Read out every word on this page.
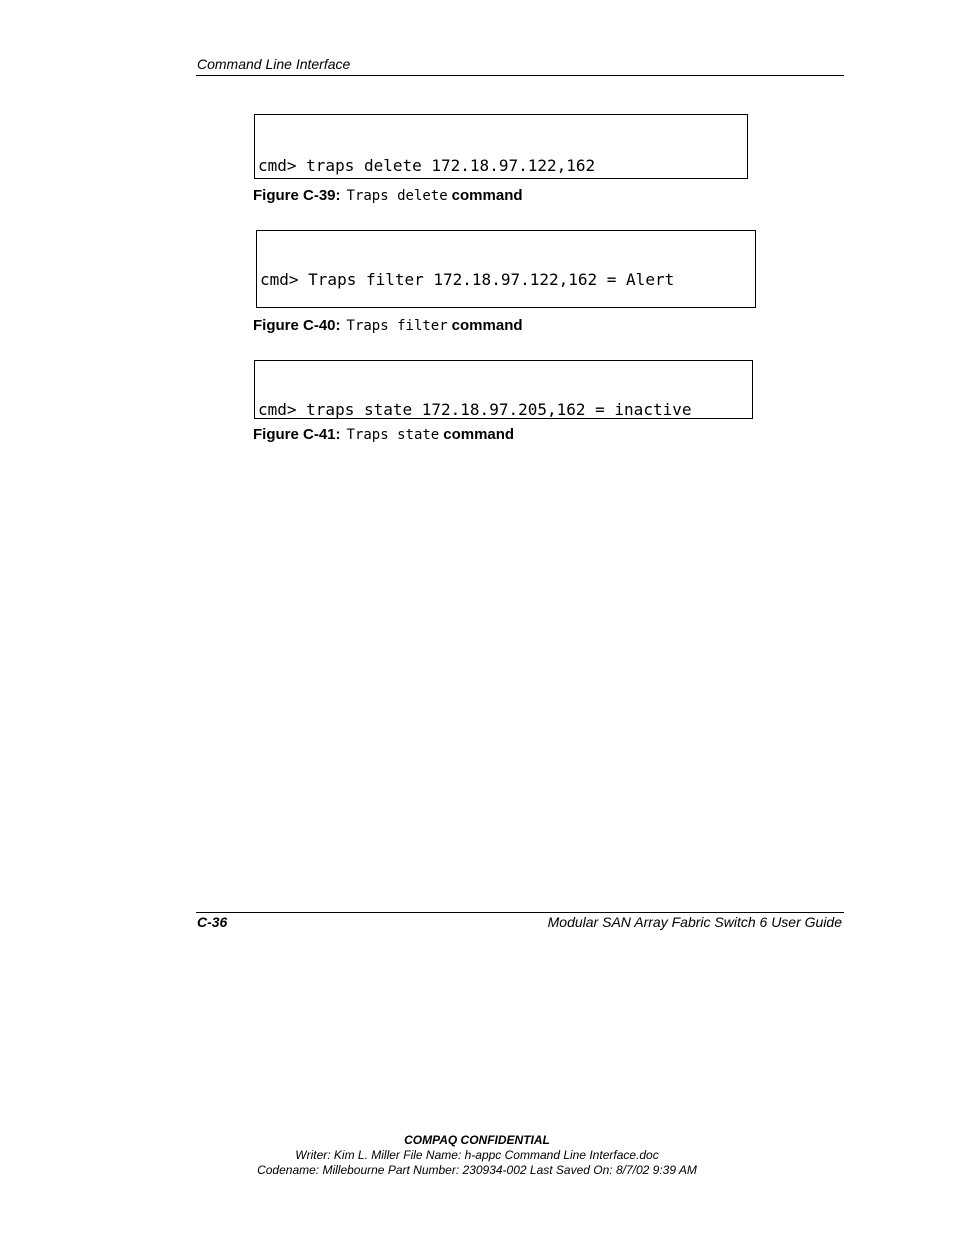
Command Line Interface

cmd> traps delete 172.18.97.122,162

Figure C-39: Traps delete command

cmd> Traps filter 172.18.97.122,162 = Alert

Figure C-40: Traps filter command

cmd> traps state 172.18.97.205,162 = inactive

Figure C-41: Traps state command
C-36	Modular SAN Array Fabric Switch 6 User Guide
COMPAQ CONFIDENTIAL
Writer: Kim L. Miller File Name: h-appc Command Line Interface.doc
Codename: Millebourne Part Number: 230934-002 Last Saved On: 8/7/02 9:39 AM
